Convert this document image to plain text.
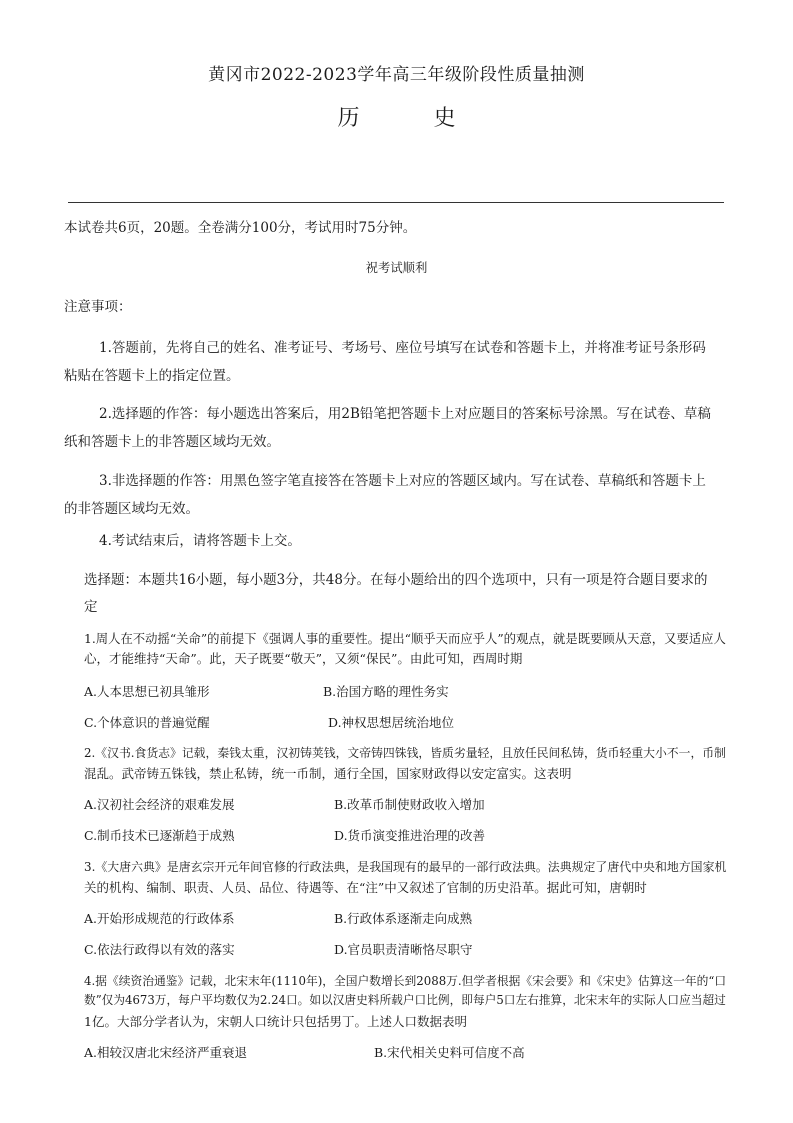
黄冈市2022-2023学年高三年级阶段性质量抽测
历史
本试卷共6页，20题。全卷满分100分，考试用时75分钟。
祝考试顺利
注意事项：
1.答题前，先将自己的姓名、准考证号、考场号、座位号填写在试卷和答题卡上，并将准考证号条形码
粘贴在答题卡上的指定位置。
2.选择题的作答：每小题选出答案后，用2B铅笔把答题卡上对应题目的答案标号涂黑。写在试卷、草稿
纸和答题卡上的非答题区域均无效。
3.非选择题的作答：用黑色签字笔直接答在答题卡上对应的答题区域内。写在试卷、草稿纸和答题卡上
的非答题区域均无效。
4.考试结束后，请将答题卡上交。
选择题：本题共16小题，每小题3分，共48分。在每小题给出的四个选项中，只有一项是符合题目要求的
定
1.周人在不动摇“关命”的前提下《强调人事的重要性。提出“顺乎天而应乎人”的观点，就是既要顾从天意，又要适应人
心，才能维持“天命”。此，天子既要“敬天”，又须“保民”。由此可知，西周时期
A.人本思想已初具雏形	B.治国方略的理性务实
C.个体意识的普遍觉醒	D.神权思想居统治地位
2.《汉书.食货志》记载，秦钱太重，汉初铸荚钱，文帝铸四铢钱，皆质劣量轻，且放任民间私铸，货币轻重大小不一，币制
混乱。武帝铸五铢钱，禁止私铸，统一币制，通行全国，国家财政得以安定富实。这表明
A.汉初社会经济的艰难发展	B.改革币制使财政收入增加
C.制币技术已逐渐趋于成熟	D.货币演变推进治理的改善
3.《大唐六典》是唐玄宗开元年间官修的行政法典，是我国现有的最早的一部行政法典。法典规定了唐代中央和地方国家机
关的机构、编制、职责、人员、品位、待遇等、在“注”中又叙述了官制的历史沿革。据此可知，唐朝时
A.开始形成规范的行政体系	B.行政体系逐渐走向成熟
C.依法行政得以有效的落实	D.官员职责清晰恪尽职守
4.据《续资治通鉴》记载，北宋末年(1110年)，全国户数增长到2088万.但学者根据《宋会要》和《宋史》估算这一年的“口
数”仅为4673万，每户平均数仅为2.24口。如以汉唐史料所载户口比例，即每户5口左右推算，北宋末年的实际人口应当超过
1亿。大部分学者认为，宋朝人口统计只包括男丁。上述人口数据表明
A.相较汉唐北宋经济严重衰退	B.宋代相关史料可信度不高
